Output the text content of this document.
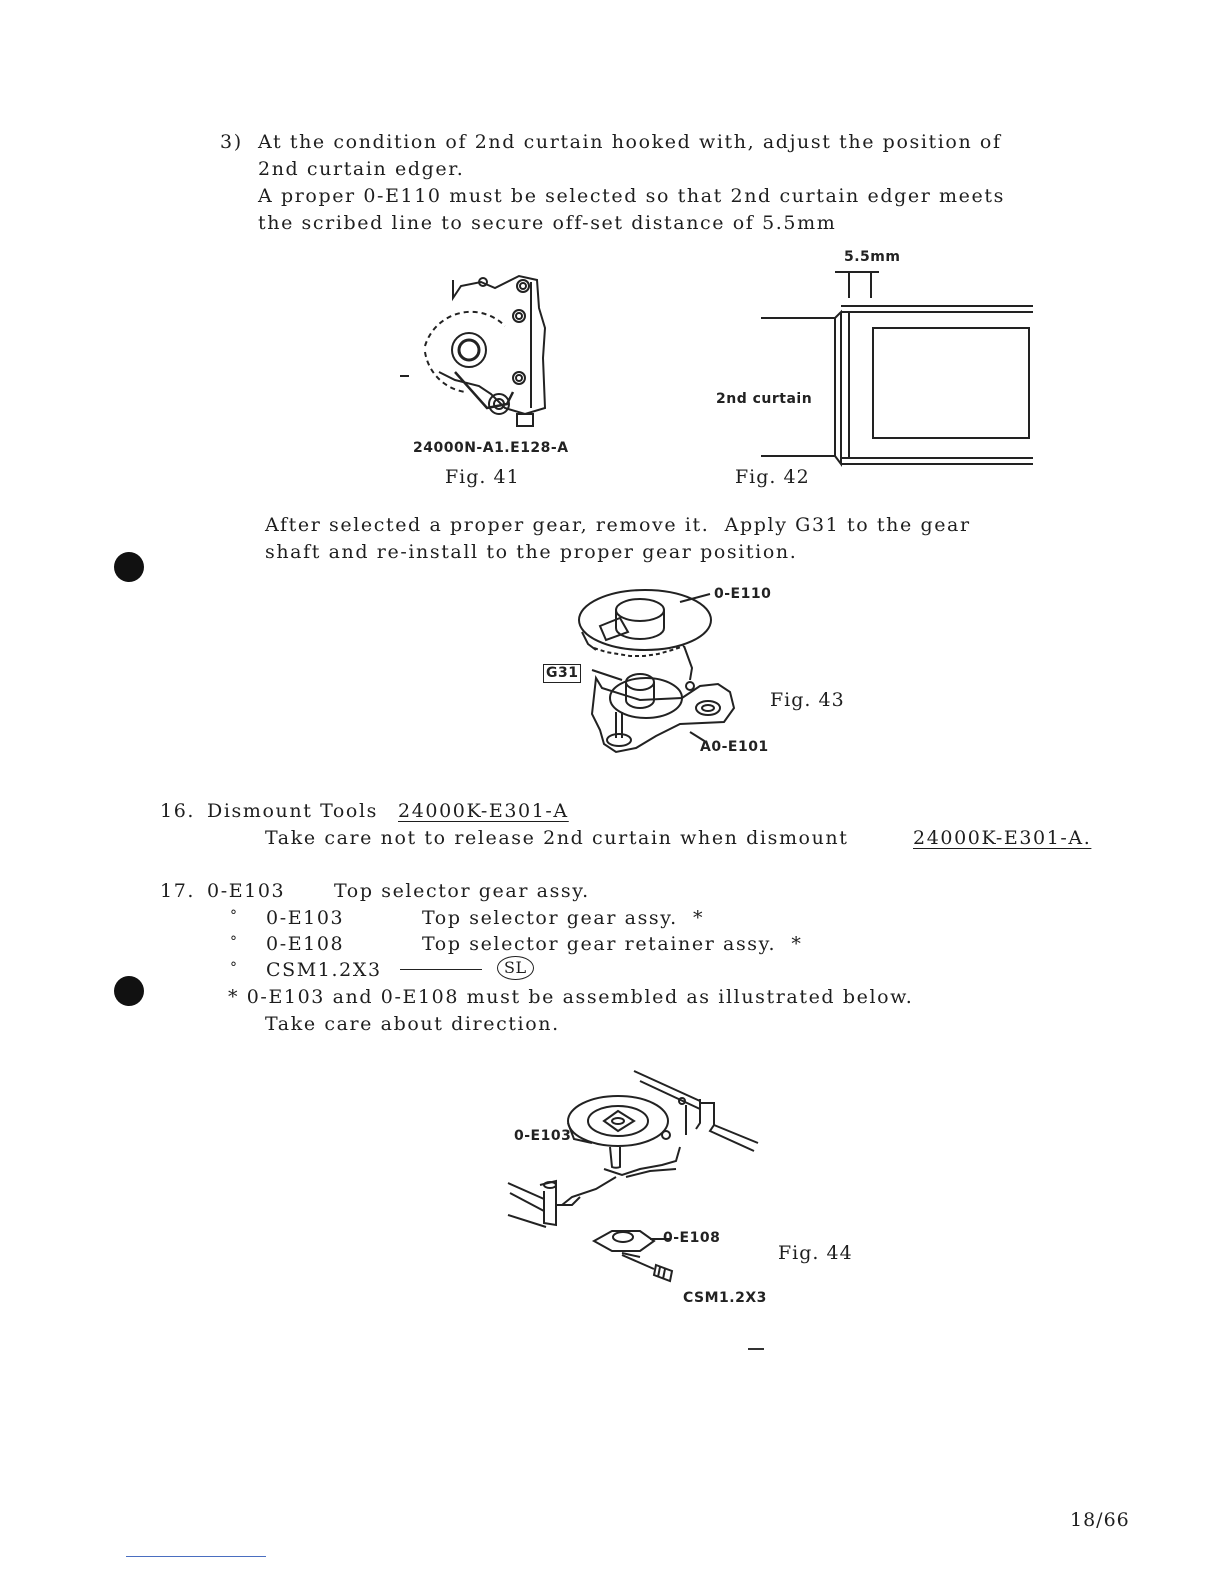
3) At the condition of 2nd curtain hooked with, adjust the position of
2nd curtain edger.
A proper 0-E110 must be selected so that 2nd curtain edger meets
the scribed line to secure off-set distance of 5.5mm
24000N-A1.E128-A
Fig. 41
5.5mm
2nd curtain
Fig. 42
After selected a proper gear, remove it.  Apply G31 to the gear
shaft and re-install to the proper gear position.
0-E110
G31
A0-E101
Fig. 43
16. Dismount Tools 24000K-E301-A
Take care not to release 2nd curtain when dismount	24000K-E301-A.
17. 0-E103	Top selector gear assy.
° 0-E103	Top selector gear assy.  *
° 0-E108	Top selector gear retainer assy.  *
° CSM1.2X3	SL
* 0-E103 and 0-E108 must be assembled as illustrated below.
Take care about direction.
0-E103
0-E108
CSM1.2X3
Fig. 44
18/66
